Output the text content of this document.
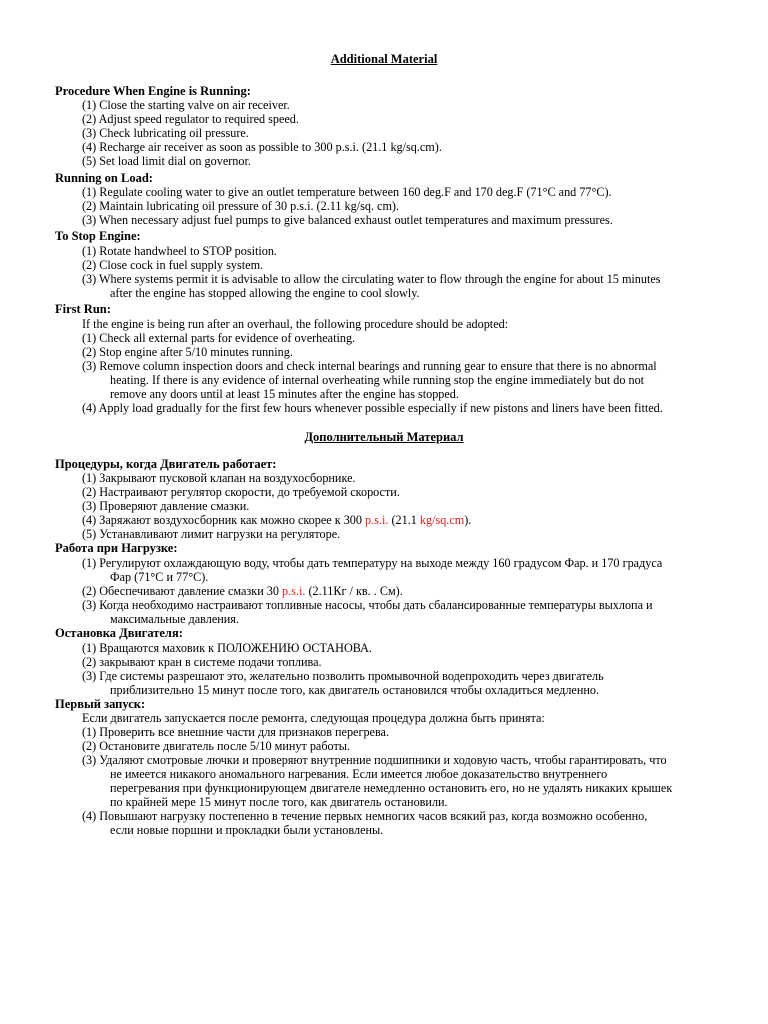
Additional Material
Procedure When Engine is Running:
(1) Close the starting valve on air receiver.
(2) Adjust speed regulator to required speed.
(3) Check lubricating oil pressure.
(4) Recharge air receiver as soon as possible to 300 p.s.i. (21.1 kg/sq.cm).
(5) Set load limit dial on governor.
Running on Load:
(1) Regulate cooling water to give an outlet temperature between 160 deg.F and 170 deg.F (71°C and 77°C).
(2) Maintain lubricating oil pressure of 30 p.s.i. (2.11 kg/sq. cm).
(3) When necessary adjust fuel pumps to give balanced exhaust outlet temperatures and maximum pressures.
To Stop Engine:
(1) Rotate handwheel to STOP position.
(2) Close cock in fuel supply system.
(3) Where systems permit it is advisable to allow the circulating water to flow through the engine for about 15 minutes
after the engine has stopped allowing the engine to cool slowly.
First Run:
If the engine is being run after an overhaul, the following procedure should be adopted:
(1) Check all external parts for evidence of overheating.
(2) Stop engine after 5/10 minutes running.
(3) Remove column inspection doors and check internal bearings and running gear to ensure that there is no abnormal
heating. If there is any evidence of internal overheating while running stop the engine immediately but do not
remove any doors until at least 15 minutes after the engine has stopped.
(4) Apply load gradually for the first few hours whenever possible especially if new pistons and liners have been fitted.
Дополнительный Материал
Процедуры, когда Двигатель работает:
(1) Закрывают пусковой клапан на воздухосборнике.
(2) Настраивают регулятор скорости, до требуемой скорости.
(3) Проверяют давление смазки.
(4) Заряжают воздухосборник как можно скорее к 300 p.s.i. (21.1 kg/sq.cm).
(5) Устанавливают лимит нагрузки на регуляторе.
Работа при Нагрузке:
(1) Регулируют охлаждающую воду, чтобы дать температуру на выходе между 160 градусом Фар. и 170 градуса
Фар (71°C и 77°C).
(2) Обеспечивают давление смазки 30 p.s.i. (2.11Кг / кв. . См).
(3) Когда необходимо настраивают топливные насосы, чтобы дать сбалансированные температуры выхлопа и
максимальные давления.
Остановка Двигателя:
(1) Вращаются маховик к ПОЛОЖЕНИЮ ОСТАНОВА.
(2) закрывают кран в системе подачи топлива.
(3) Где системы разрешают это, желательно позволить промывочной водепроходить через двигатель
приблизительно 15 минут после того, как двигатель остановился чтобы охладиться медленно.
Первый запуск:
Если двигатель запускается после ремонта, следующая процедура должна быть принята:
(1) Проверить все внешние части для признаков перегрева.
(2) Остановите двигатель после 5/10 минут работы.
(3) Удаляют смотровые лючки и проверяют внутренние подшипники и ходовую часть, чтобы гарантировать, что
не имеется никакого аномального нагревания. Если имеется любое доказательство внутреннего
перегревания при функционирующем двигателе немедленно остановить его, но не удалять никаких крышек
по крайней мере 15 минут после того, как двигатель остановили.
(4) Повышают нагрузку постепенно в течение первых немногих часов всякий раз, когда возможно особенно,
если новые поршни и прокладки были установлены.
